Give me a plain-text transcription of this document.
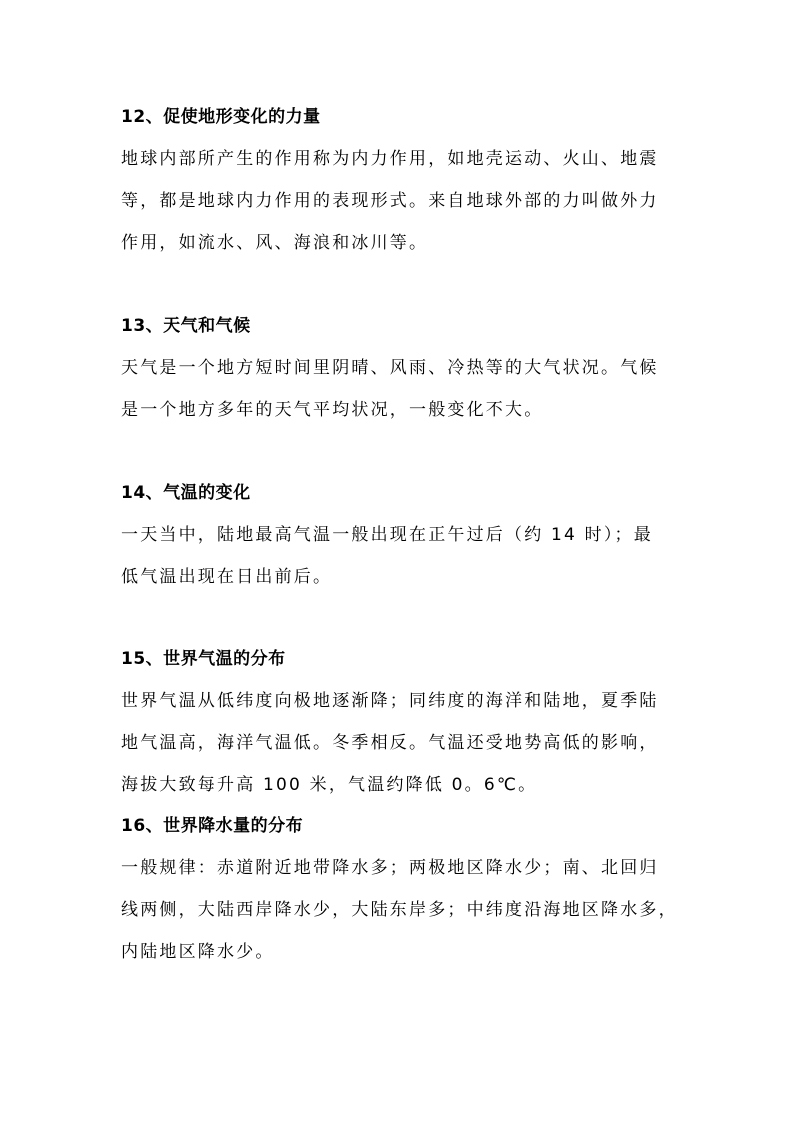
12、促使地形变化的力量
地球内部所产生的作用称为内力作用，如地壳运动、火山、地震
等，都是地球内力作用的表现形式。来自地球外部的力叫做外力
作用，如流水、风、海浪和冰川等。
13、天气和气候
天气是一个地方短时间里阴晴、风雨、冷热等的大气状况。气候
是一个地方多年的天气平均状况，一般变化不大。
14、气温的变化
一天当中，陆地最高气温一般出现在正午过后（约 14 时）；最
低气温出现在日出前后。
15、世界气温的分布
世界气温从低纬度向极地逐渐降；同纬度的海洋和陆地，夏季陆
地气温高，海洋气温低。冬季相反。气温还受地势高低的影响，
海拔大致每升高 100 米，气温约降低 0。6℃。
16、世界降水量的分布
一般规律：赤道附近地带降水多；两极地区降水少；南、北回归
线两侧，大陆西岸降水少，大陆东岸多；中纬度沿海地区降水多，
内陆地区降水少。
